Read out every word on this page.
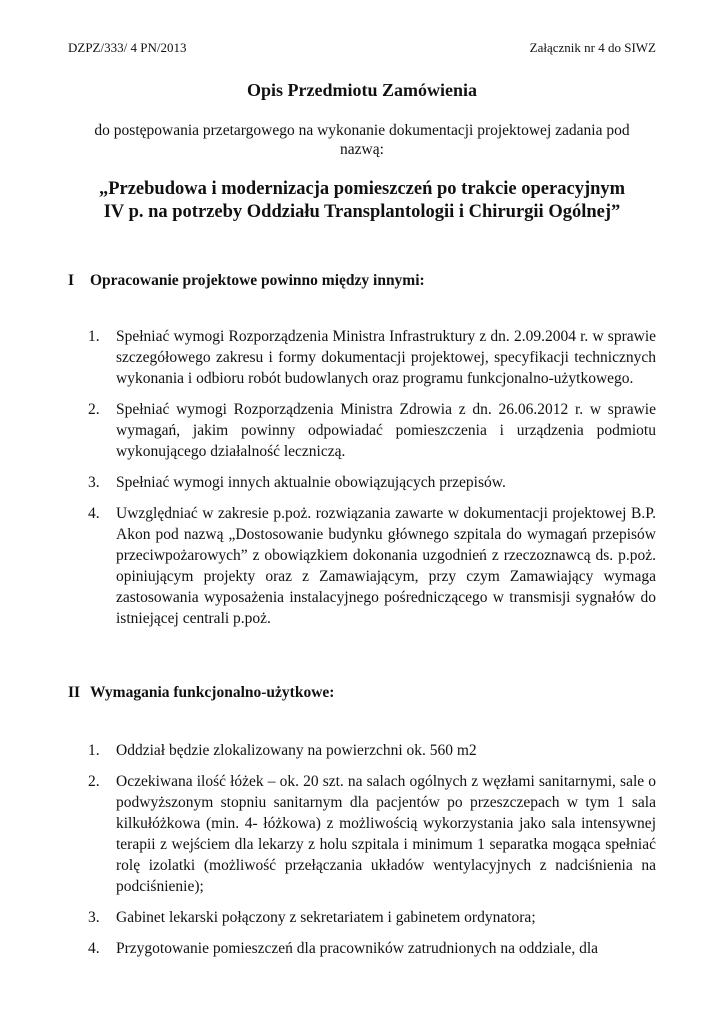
DZPZ/333/ 4 PN/2013	Załącznik nr 4 do SIWZ
Opis Przedmiotu Zamówienia
do postępowania przetargowego na wykonanie dokumentacji projektowej zadania pod nazwą:
„Przebudowa i modernizacja pomieszczeń po trakcie operacyjnym
IV p. na potrzeby Oddziału Transplantologii i Chirurgii Ogólnej”
I Opracowanie projektowe powinno między innymi:
1. Spełniać wymogi Rozporządzenia Ministra Infrastruktury z dn. 2.09.2004 r. w sprawie szczegółowego zakresu i formy dokumentacji projektowej, specyfikacji technicznych wykonania i odbioru robót budowlanych oraz programu funkcjonalno-użytkowego.
2. Spełniać wymogi Rozporządzenia Ministra Zdrowia z dn. 26.06.2012 r. w sprawie wymagań, jakim powinny odpowiadać pomieszczenia i urządzenia podmiotu wykonującego działalność leczniczą.
3. Spełniać wymogi innych aktualnie obowiązujących przepisów.
4. Uwzględniać w zakresie p.poż. rozwiązania zawarte w dokumentacji projektowej B.P. Akon pod nazwą „Dostosowanie budynku głównego szpitala do wymagań przepisów przeciwpożarowych” z obowiązkiem dokonania uzgodnień z rzeczoznawcą ds. p.poż. opiniującym projekty oraz z Zamawiającym, przy czym Zamawiający wymaga zastosowania wyposażenia instalacyjnego pośredniczącego w transmisji sygnałów do istniejącej centrali p.poż.
II Wymagania funkcjonalno-użytkowe:
1. Oddział będzie zlokalizowany na powierzchni ok. 560 m2
2. Oczekiwana ilość łóżek – ok. 20 szt. na salach ogólnych z węzłami sanitarnymi, sale o podwyższonym stopniu sanitarnym dla pacjentów po przeszczepach w tym 1 sala kilkułóżkowa (min. 4- łóżkowa) z możliwością wykorzystania jako sala intensywnej terapii z wejściem dla lekarzy z holu szpitala i minimum 1 separatka mogąca spełniać rolę izolatki (możliwość przełączania układów wentylacyjnych z nadciśnienia na podciśnienie);
3. Gabinet lekarski połączony z sekretariatem i gabinetem ordynatora;
4. Przygotowanie pomieszczeń dla pracowników zatrudnionych na oddziale, dla
